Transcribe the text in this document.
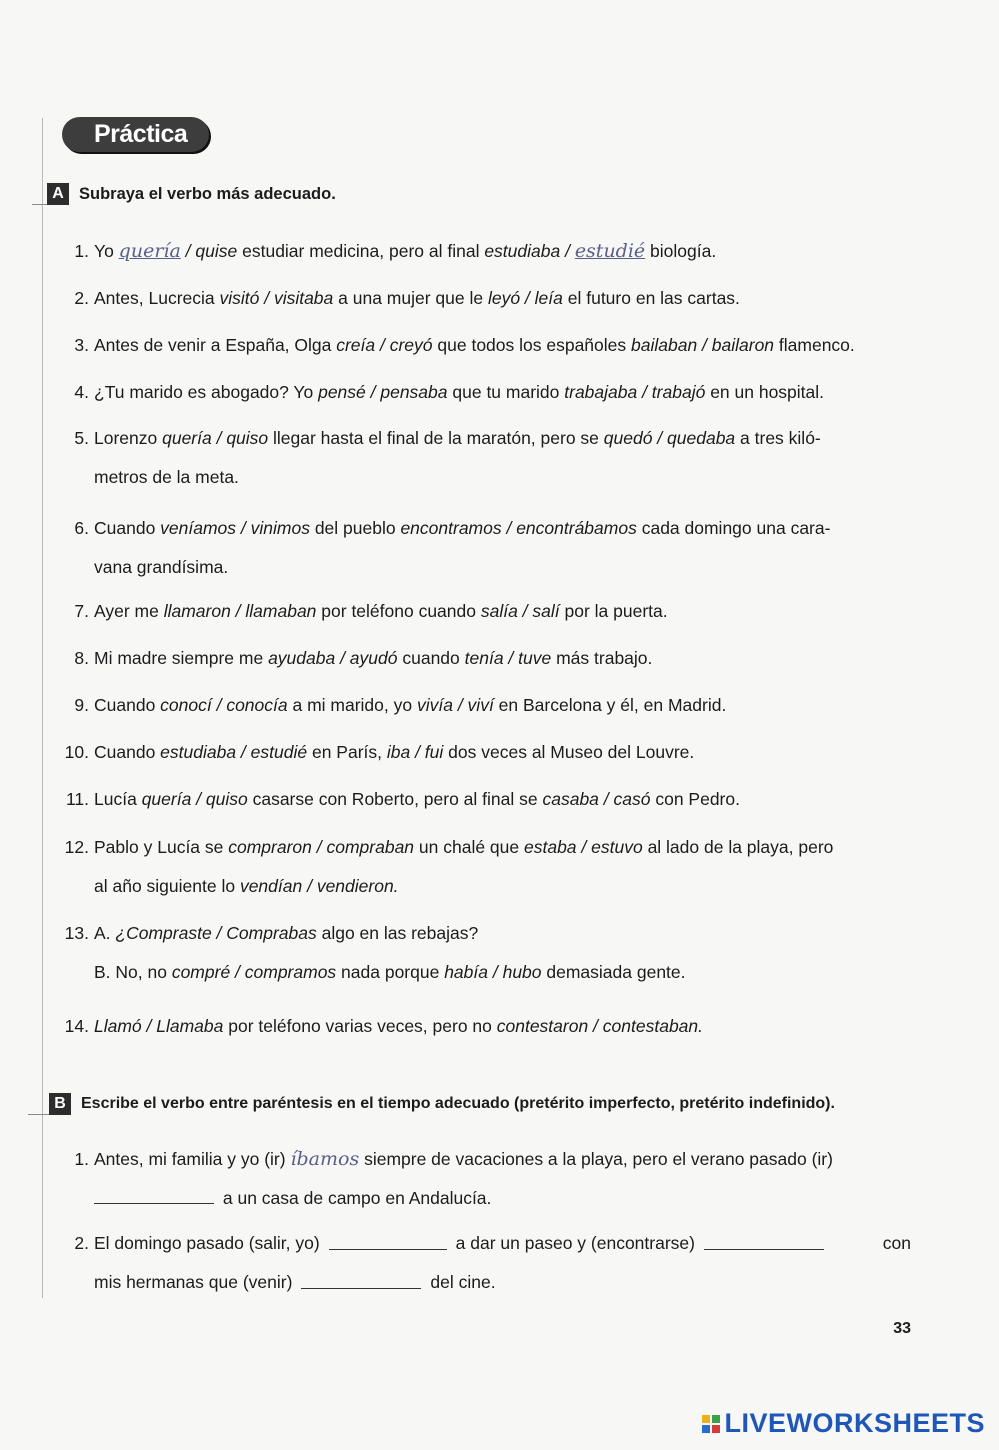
Práctica
A Subraya el verbo más adecuado.
1. Yo quería / quise estudiar medicina, pero al final estudiaba / estudié biología.
2. Antes, Lucrecia visitó / visitaba a una mujer que le leyó / leía el futuro en las cartas.
3. Antes de venir a España, Olga creía / creyó que todos los españoles bailaban / bailaron flamenco.
4. ¿Tu marido es abogado? Yo pensé / pensaba que tu marido trabajaba / trabajó en un hospital.
5. Lorenzo quería / quiso llegar hasta el final de la maratón, pero se quedó / quedaba a tres kiló-
metros de la meta.
6. Cuando veníamos / vinimos del pueblo encontramos / encontrábamos cada domingo una cara-
vana grandísima.
7. Ayer me llamaron / llamaban por teléfono cuando salía / salí por la puerta.
8. Mi madre siempre me ayudaba / ayudó cuando tenía / tuve más trabajo.
9. Cuando conocí / conocía a mi marido, yo vivía / viví en Barcelona y él, en Madrid.
10. Cuando estudiaba / estudié en París, iba / fui dos veces al Museo del Louvre.
11. Lucía quería / quiso casarse con Roberto, pero al final se casaba / casó con Pedro.
12. Pablo y Lucía se compraron / compraban un chalé que estaba / estuvo al lado de la playa, pero
al año siguiente lo vendían / vendieron.
13. A. ¿Compraste / Comprabas algo en las rebajas?
B. No, no compré / compramos nada porque había / hubo demasiada gente.
14. Llamó / Llamaba por teléfono varias veces, pero no contestaron / contestaban.
B Escribe el verbo entre paréntesis en el tiempo adecuado (pretérito imperfecto, pretérito indefinido).
1. Antes, mi familia y yo (ir) íbamos siempre de vacaciones a la playa, pero el verano pasado (ir)
a un casa de campo en Andalucía.
2. El domingo pasado (salir, yo)	a dar un paseo y (encontrarse)	con
mis hermanas que (venir)	del cine.
33
LIVEWORKSHEETS
